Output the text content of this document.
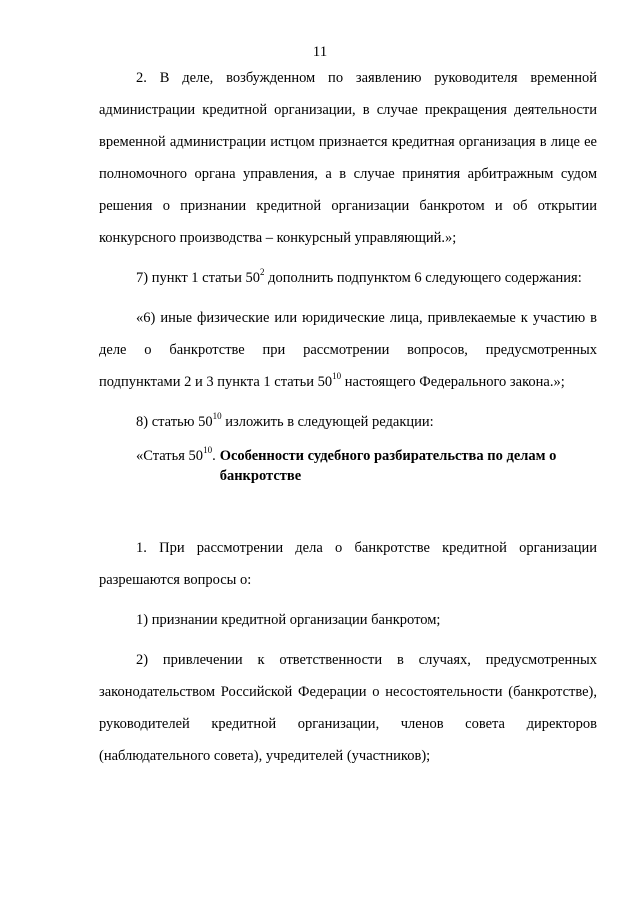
11

2. В деле, возбужденном по заявлению руководителя временной администрации кредитной организации, в случае прекращения деятельности временной администрации истцом признается кредитная организация в лице ее полномочного органа управления, а в случае принятия арбитражным судом решения о признании кредитной организации банкротом и об открытии конкурсного производства – конкурсный управляющий.»;

7) пункт 1 статьи $50^2$ дополнить подпунктом 6 следующего содержания:

«6) иные физические или юридические лица, привлекаемые к участию в деле о банкротстве при рассмотрении вопросов, предусмотренных подпунктами 2 и 3 пункта 1 статьи $50^{10}$ настоящего Федерального закона.»;

8) статью $50^{10}$ изложить в следующей редакции:

«Статья $50^{10}$. Особенности судебного разбирательства по делам о банкротстве

1. При рассмотрении дела о банкротстве кредитной организации разрешаются вопросы о:

1) признании кредитной организации банкротом;

2) привлечении к ответственности в случаях, предусмотренных законодательством Российской Федерации о несостоятельности (банкротстве), руководителей кредитной организации, членов совета директоров (наблюдательного совета), учредителей (участников);
